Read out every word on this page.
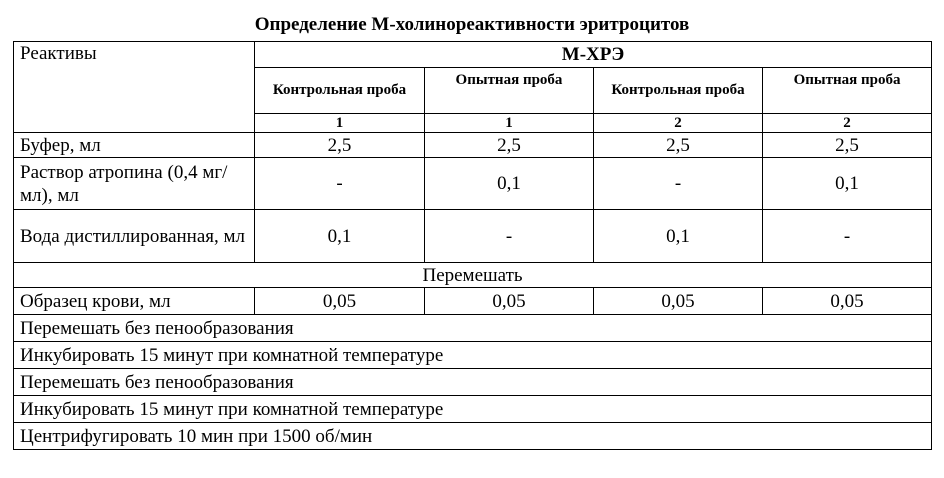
Определение М-холинореактивности эритроцитов
Реактивы	М-ХРЭ			
	Контрольная проба	Опытная проба	Контрольная проба	Опытная проба
	1	1	2	2
Буфер, мл	2,5	2,5	2,5	2,5
Раствор атропина (0,4 мг/мл), мл	-	0,1	-	0,1
Вода дистиллированная, мл	0,1	-	0,1	-
Перемешать				
Образец крови, мл	0,05	0,05	0,05	0,05
Перемешать без пенообразования				
Инкубировать 15 минут при комнатной температуре				
Перемешать без пенообразования				
Инкубировать 15 минут при комнатной температуре				
Центрифугировать 10 мин при 1500 об/мин				
